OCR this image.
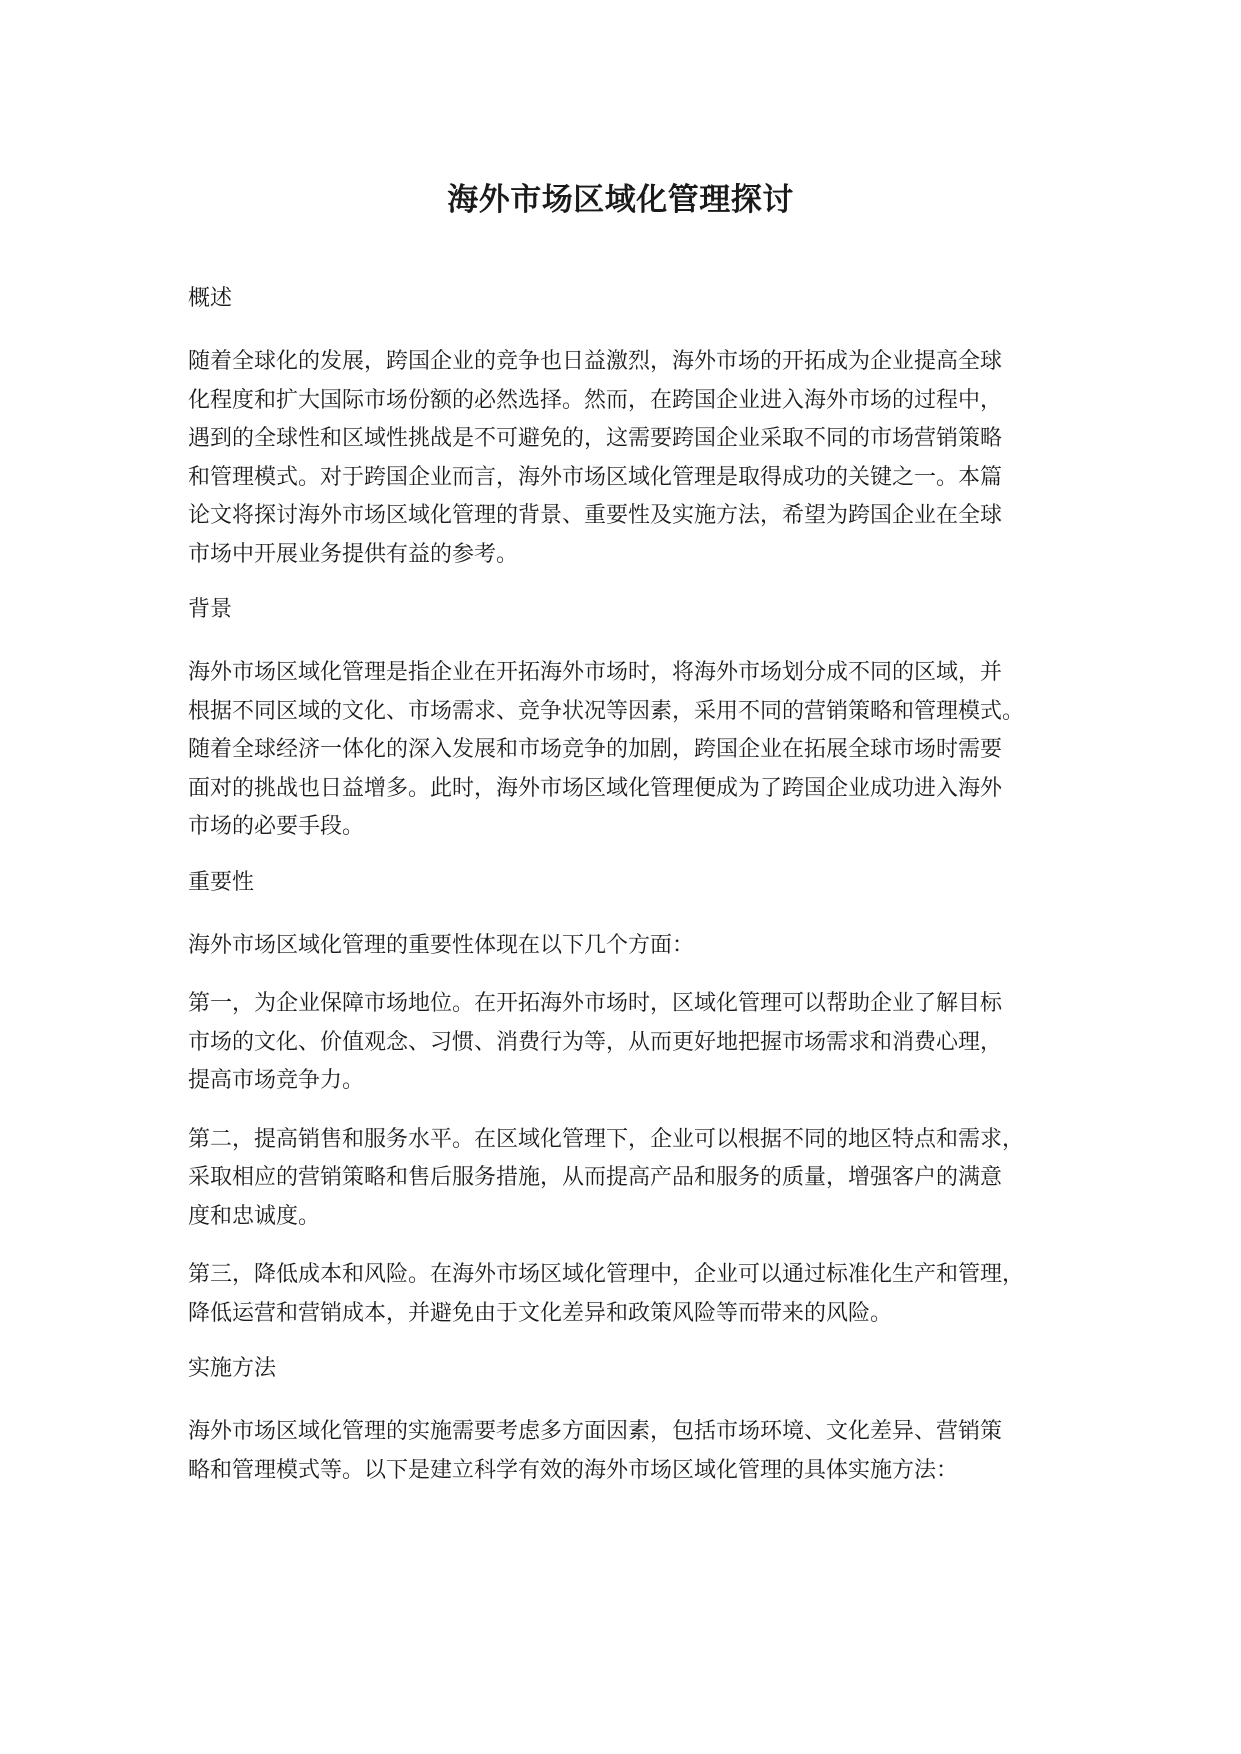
海外市场区域化管理探讨
概述
随着全球化的发展，跨国企业的竞争也日益激烈，海外市场的开拓成为企业提高全球
化程度和扩大国际市场份额的必然选择。然而，在跨国企业进入海外市场的过程中，
遇到的全球性和区域性挑战是不可避免的，这需要跨国企业采取不同的市场营销策略
和管理模式。对于跨国企业而言，海外市场区域化管理是取得成功的关键之一。本篇
论文将探讨海外市场区域化管理的背景、重要性及实施方法，希望为跨国企业在全球
市场中开展业务提供有益的参考。
背景
海外市场区域化管理是指企业在开拓海外市场时，将海外市场划分成不同的区域，并
根据不同区域的文化、市场需求、竞争状况等因素，采用不同的营销策略和管理模式。
随着全球经济一体化的深入发展和市场竞争的加剧，跨国企业在拓展全球市场时需要
面对的挑战也日益增多。此时，海外市场区域化管理便成为了跨国企业成功进入海外
市场的必要手段。
重要性
海外市场区域化管理的重要性体现在以下几个方面：
第一，为企业保障市场地位。在开拓海外市场时，区域化管理可以帮助企业了解目标
市场的文化、价值观念、习惯、消费行为等，从而更好地把握市场需求和消费心理，
提高市场竞争力。
第二，提高销售和服务水平。在区域化管理下，企业可以根据不同的地区特点和需求，
采取相应的营销策略和售后服务措施，从而提高产品和服务的质量，增强客户的满意
度和忠诚度。
第三，降低成本和风险。在海外市场区域化管理中，企业可以通过标准化生产和管理，
降低运营和营销成本，并避免由于文化差异和政策风险等而带来的风险。
实施方法
海外市场区域化管理的实施需要考虑多方面因素，包括市场环境、文化差异、营销策
略和管理模式等。以下是建立科学有效的海外市场区域化管理的具体实施方法：
